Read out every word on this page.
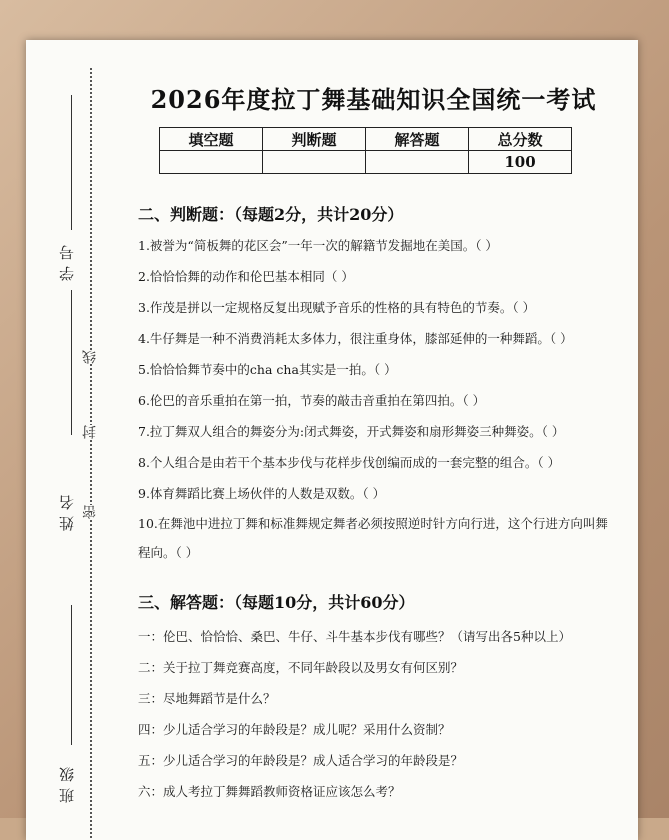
学号
姓名
班级
线
封
密
2026年度拉丁舞基础知识全国统一考试
填空题	判断题	解答题	总分数
			100
二、判断题：（每题2分，共计20分）
1.被誉为“简板舞的花区会”一年一次的解籍节发掘地在美国。（ ）
2.恰恰恰舞的动作和伦巴基本相同（ ）
3.作茂是拼以一定规格反复出现赋予音乐的性格的具有特色的节奏。（ ）
4.牛仔舞是一种不消费消耗太多体力，很注重身体，膝部延伸的一种舞蹈。（ ）
5.恰恰恰舞节奏中的cha cha其实是一拍。（ ）
6.伦巴的音乐重拍在第一拍，节奏的敲击音重拍在第四拍。（ ）
7.拉丁舞双人组合的舞姿分为:闭式舞姿，开式舞姿和扇形舞姿三种舞姿。（ ）
8.个人组合是由若干个基本步伐与花样步伐创编而成的一套完整的组合。（ ）
9.体育舞蹈比赛上场伙伴的人数是双数。（ ）
10.在舞池中进拉丁舞和标准舞规定舞者必须按照逆时针方向行进，这个行进方向叫舞程向。（ ）
三、解答题：（每题10分，共计60分）
一：伦巴、恰恰恰、桑巴、牛仔、斗牛基本步伐有哪些？（请写出各5种以上）
二：关于拉丁舞竞赛高度，不同年龄段以及男女有何区别？
三：尽地舞蹈节是什么？
四：少儿适合学习的年龄段是？成儿呢？采用什么资制？
五：少儿适合学习的年龄段是？成人适合学习的年龄段是？
六：成人考拉丁舞舞蹈教师资格证应该怎么考？
